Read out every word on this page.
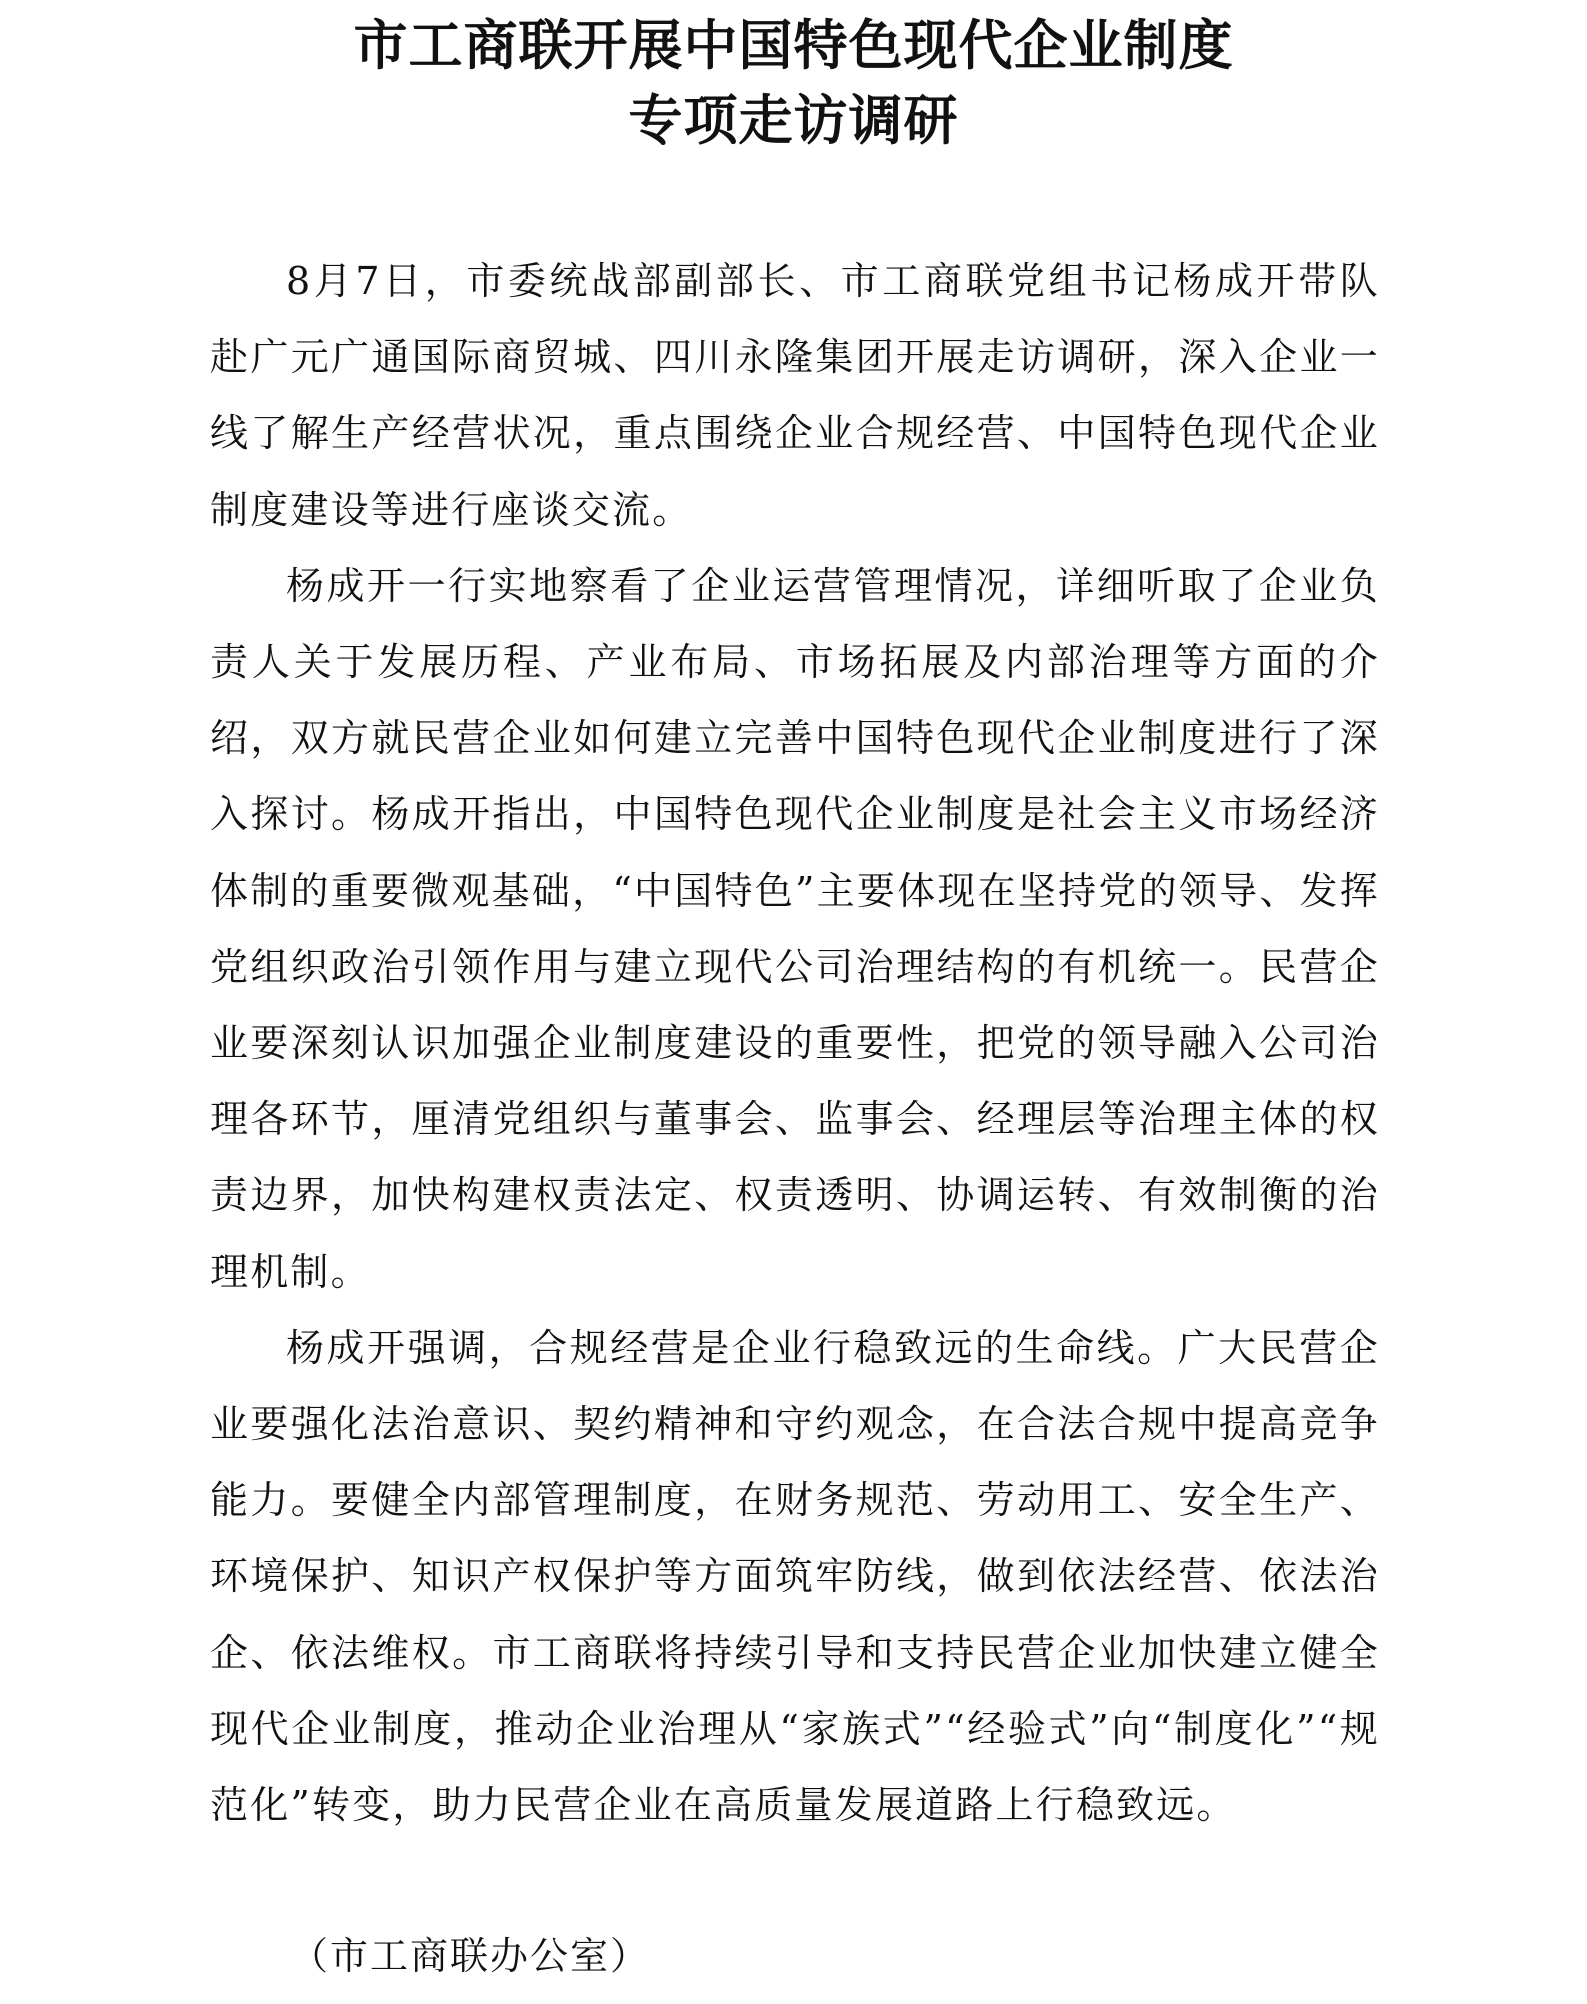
市工商联开展中国特色现代企业制度
专项走访调研

8月7日，市委统战部副部长、市工商联党组书记杨成开带队赴广元广通国际商贸城、四川永隆集团开展走访调研，深入企业一线了解生产经营状况，重点围绕企业合规经营、中国特色现代企业制度建设等进行座谈交流。

杨成开一行实地察看了企业运营管理情况，详细听取了企业负责人关于发展历程、产业布局、市场拓展及内部治理等方面的介绍，双方就民营企业如何建立完善中国特色现代企业制度进行了深入探讨。杨成开指出，中国特色现代企业制度是社会主义市场经济体制的重要微观基础，“中国特色”主要体现在坚持党的领导、发挥党组织政治引领作用与建立现代公司治理结构的有机统一。民营企业要深刻认识加强企业制度建设的重要性，把党的领导融入公司治理各环节，厘清党组织与董事会、监事会、经理层等治理主体的权责边界，加快构建权责法定、权责透明、协调运转、有效制衡的治理机制。

杨成开强调，合规经营是企业行稳致远的生命线。广大民营企业要强化法治意识、契约精神和守约观念，在合法合规中提高竞争能力。要健全内部管理制度，在财务规范、劳动用工、安全生产、环境保护、知识产权保护等方面筑牢防线，做到依法经营、依法治企、依法维权。市工商联将持续引导和支持民营企业加快建立健全现代企业制度，推动企业治理从“家族式”“经验式”向“制度化”“规范化”转变，助力民营企业在高质量发展道路上行稳致远。

（市工商联办公室）
